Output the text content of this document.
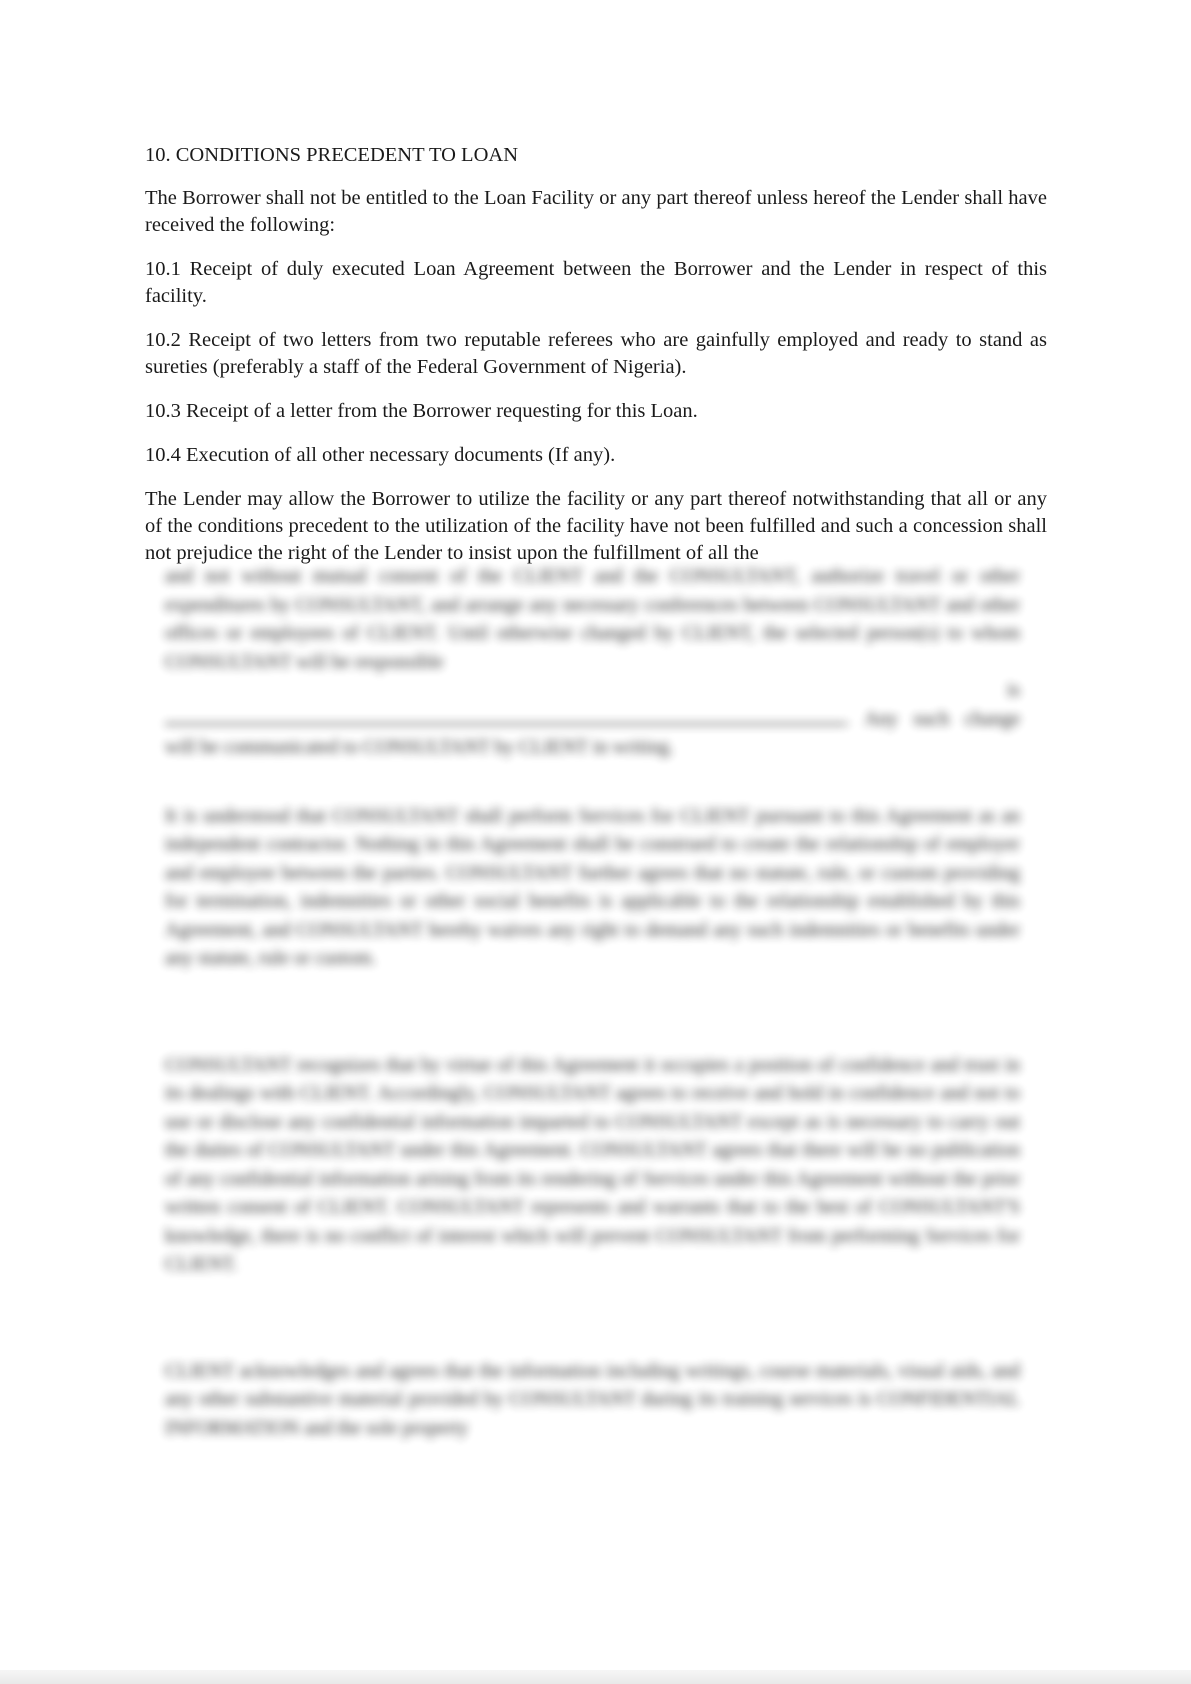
10. CONDITIONS PRECEDENT TO LOAN

The Borrower shall not be entitled to the Loan Facility or any part thereof unless hereof the Lender shall have received the following:

10.1 Receipt of duly executed Loan Agreement between the Borrower and the Lender in respect of this facility.

10.2 Receipt of two letters from two reputable referees who are gainfully employed and ready to stand as sureties (preferably a staff of the Federal Government of Nigeria).

10.3 Receipt of a letter from the Borrower requesting for this Loan.

10.4 Execution of all other necessary documents (If any).

The Lender may allow the Borrower to utilize the facility or any part thereof notwithstanding that all or any of the conditions precedent to the utilization of the facility have not been fulfilled and such a concession shall not prejudice the right of the Lender to insist upon the fulfillment of all the

and not without mutual consent of the CLIENT and the CONSULTANT, authorize travel or other expenditures by CONSULTANT, and arrange any necessary conferences between CONSULTANT and other offices or employees of CLIENT. Until otherwise changed by CLIENT, the selected person(s) to whom CONSULTANT will be responsible
is
. Any such change will be communicated to CONSULTANT by CLIENT in writing.

It is understood that CONSULTANT shall perform Services for CLIENT pursuant to this Agreement as an independent contractor. Nothing in this Agreement shall be construed to create the relationship of employer and employee between the parties. CONSULTANT further agrees that no statute, rule, or custom providing for termination, indemnities or other social benefits is applicable to the relationship established by this Agreement, and CONSULTANT hereby waives any right to demand any such indemnities or benefits under any statute, rule or custom.

CONSULTANT recognizes that by virtue of this Agreement it occupies a position of confidence and trust in its dealings with CLIENT. Accordingly, CONSULTANT agrees to receive and hold in confidence and not to use or disclose any confidential information imparted to CONSULTANT except as is necessary to carry out the duties of CONSULTANT under this Agreement. CONSULTANT agrees that there will be no publication of any confidential information arising from its rendering of Services under this Agreement without the prior written consent of CLIENT. CONSULTANT represents and warrants that to the best of CONSULTANT'S knowledge, there is no conflict of interest which will prevent CONSULTANT from performing Services for CLIENT.

CLIENT acknowledges and agrees that the information including writings, course materials, visual aids, and any other substantive material provided by CONSULTANT during its training services is CONFIDENTIAL INFORMATION and the sole property
